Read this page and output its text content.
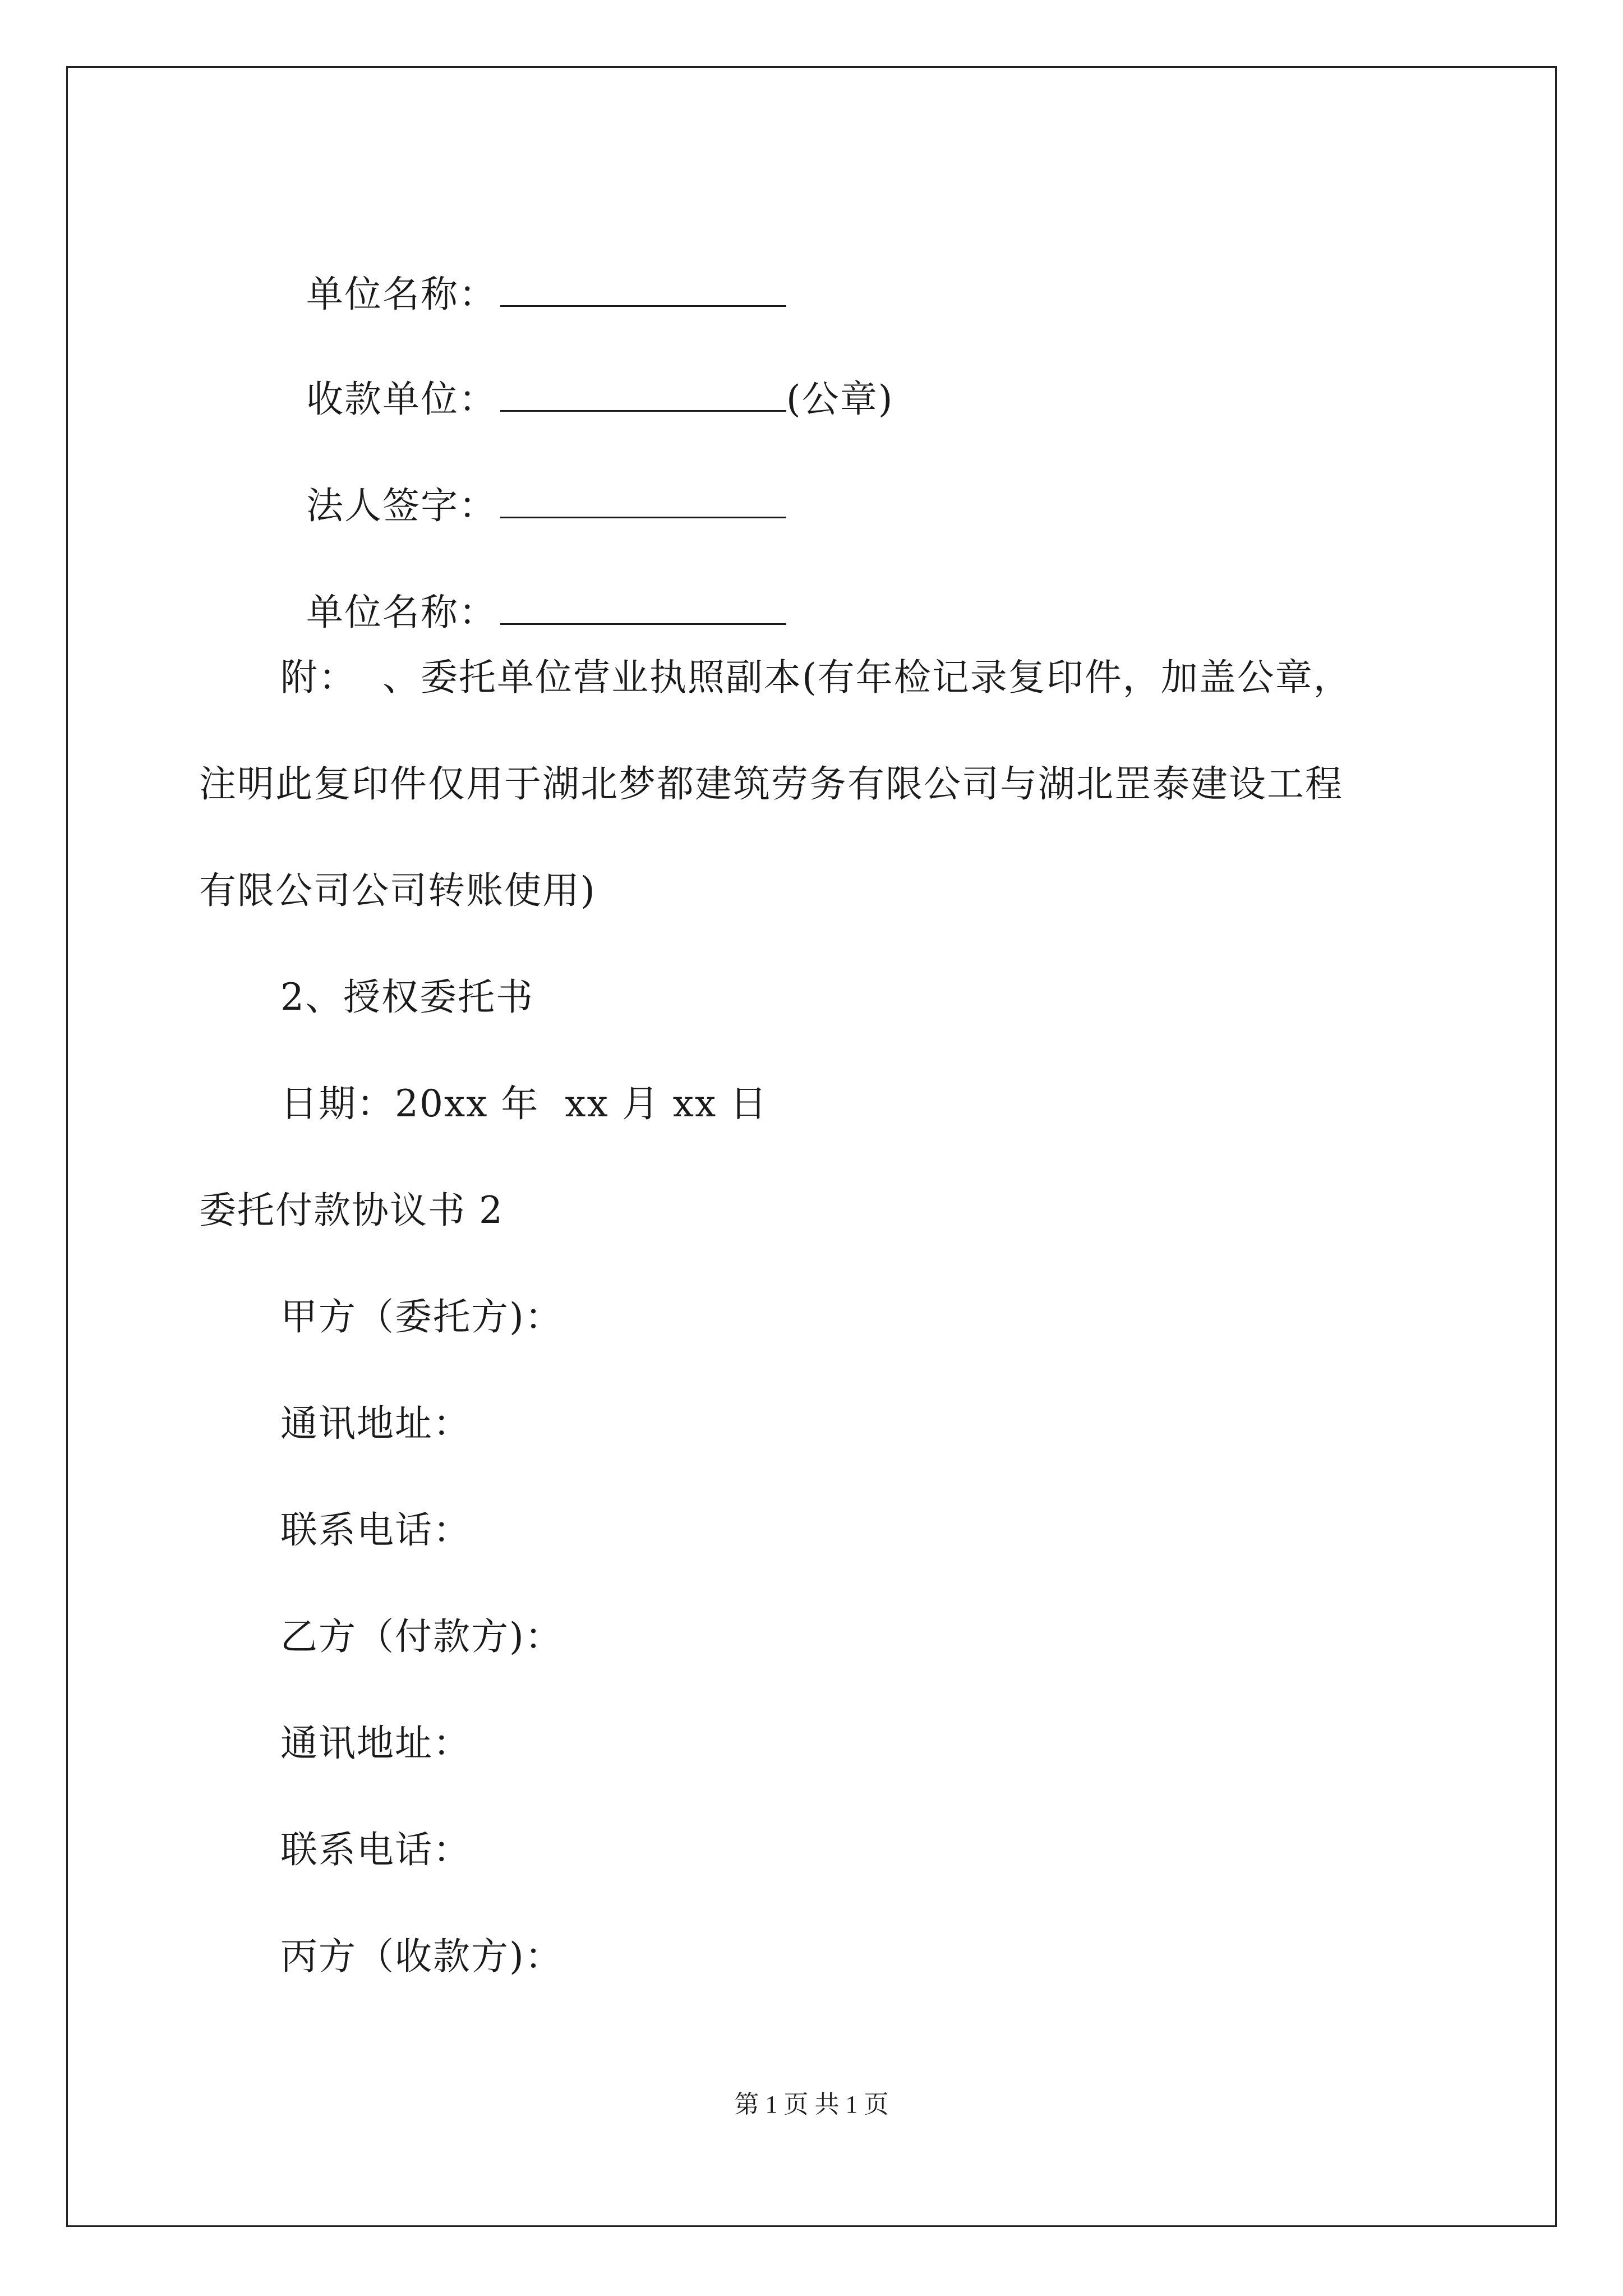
单位名称：

收款单位：	(公章)

法人签字：

单位名称：

附：  、委托单位营业执照副本(有年检记录复印件，加盖公章，
注明此复印件仅用于湖北梦都建筑劳务有限公司与湖北罡泰建设工程
有限公司公司转账使用)
2、授权委托书
日期：20xx 年  xx 月 xx 日
委托付款协议书 2
甲方（委托方)：
通讯地址：
联系电话：
乙方（付款方)：
通讯地址：
联系电话：
丙方（收款方)：
第 1 页 共 1 页
